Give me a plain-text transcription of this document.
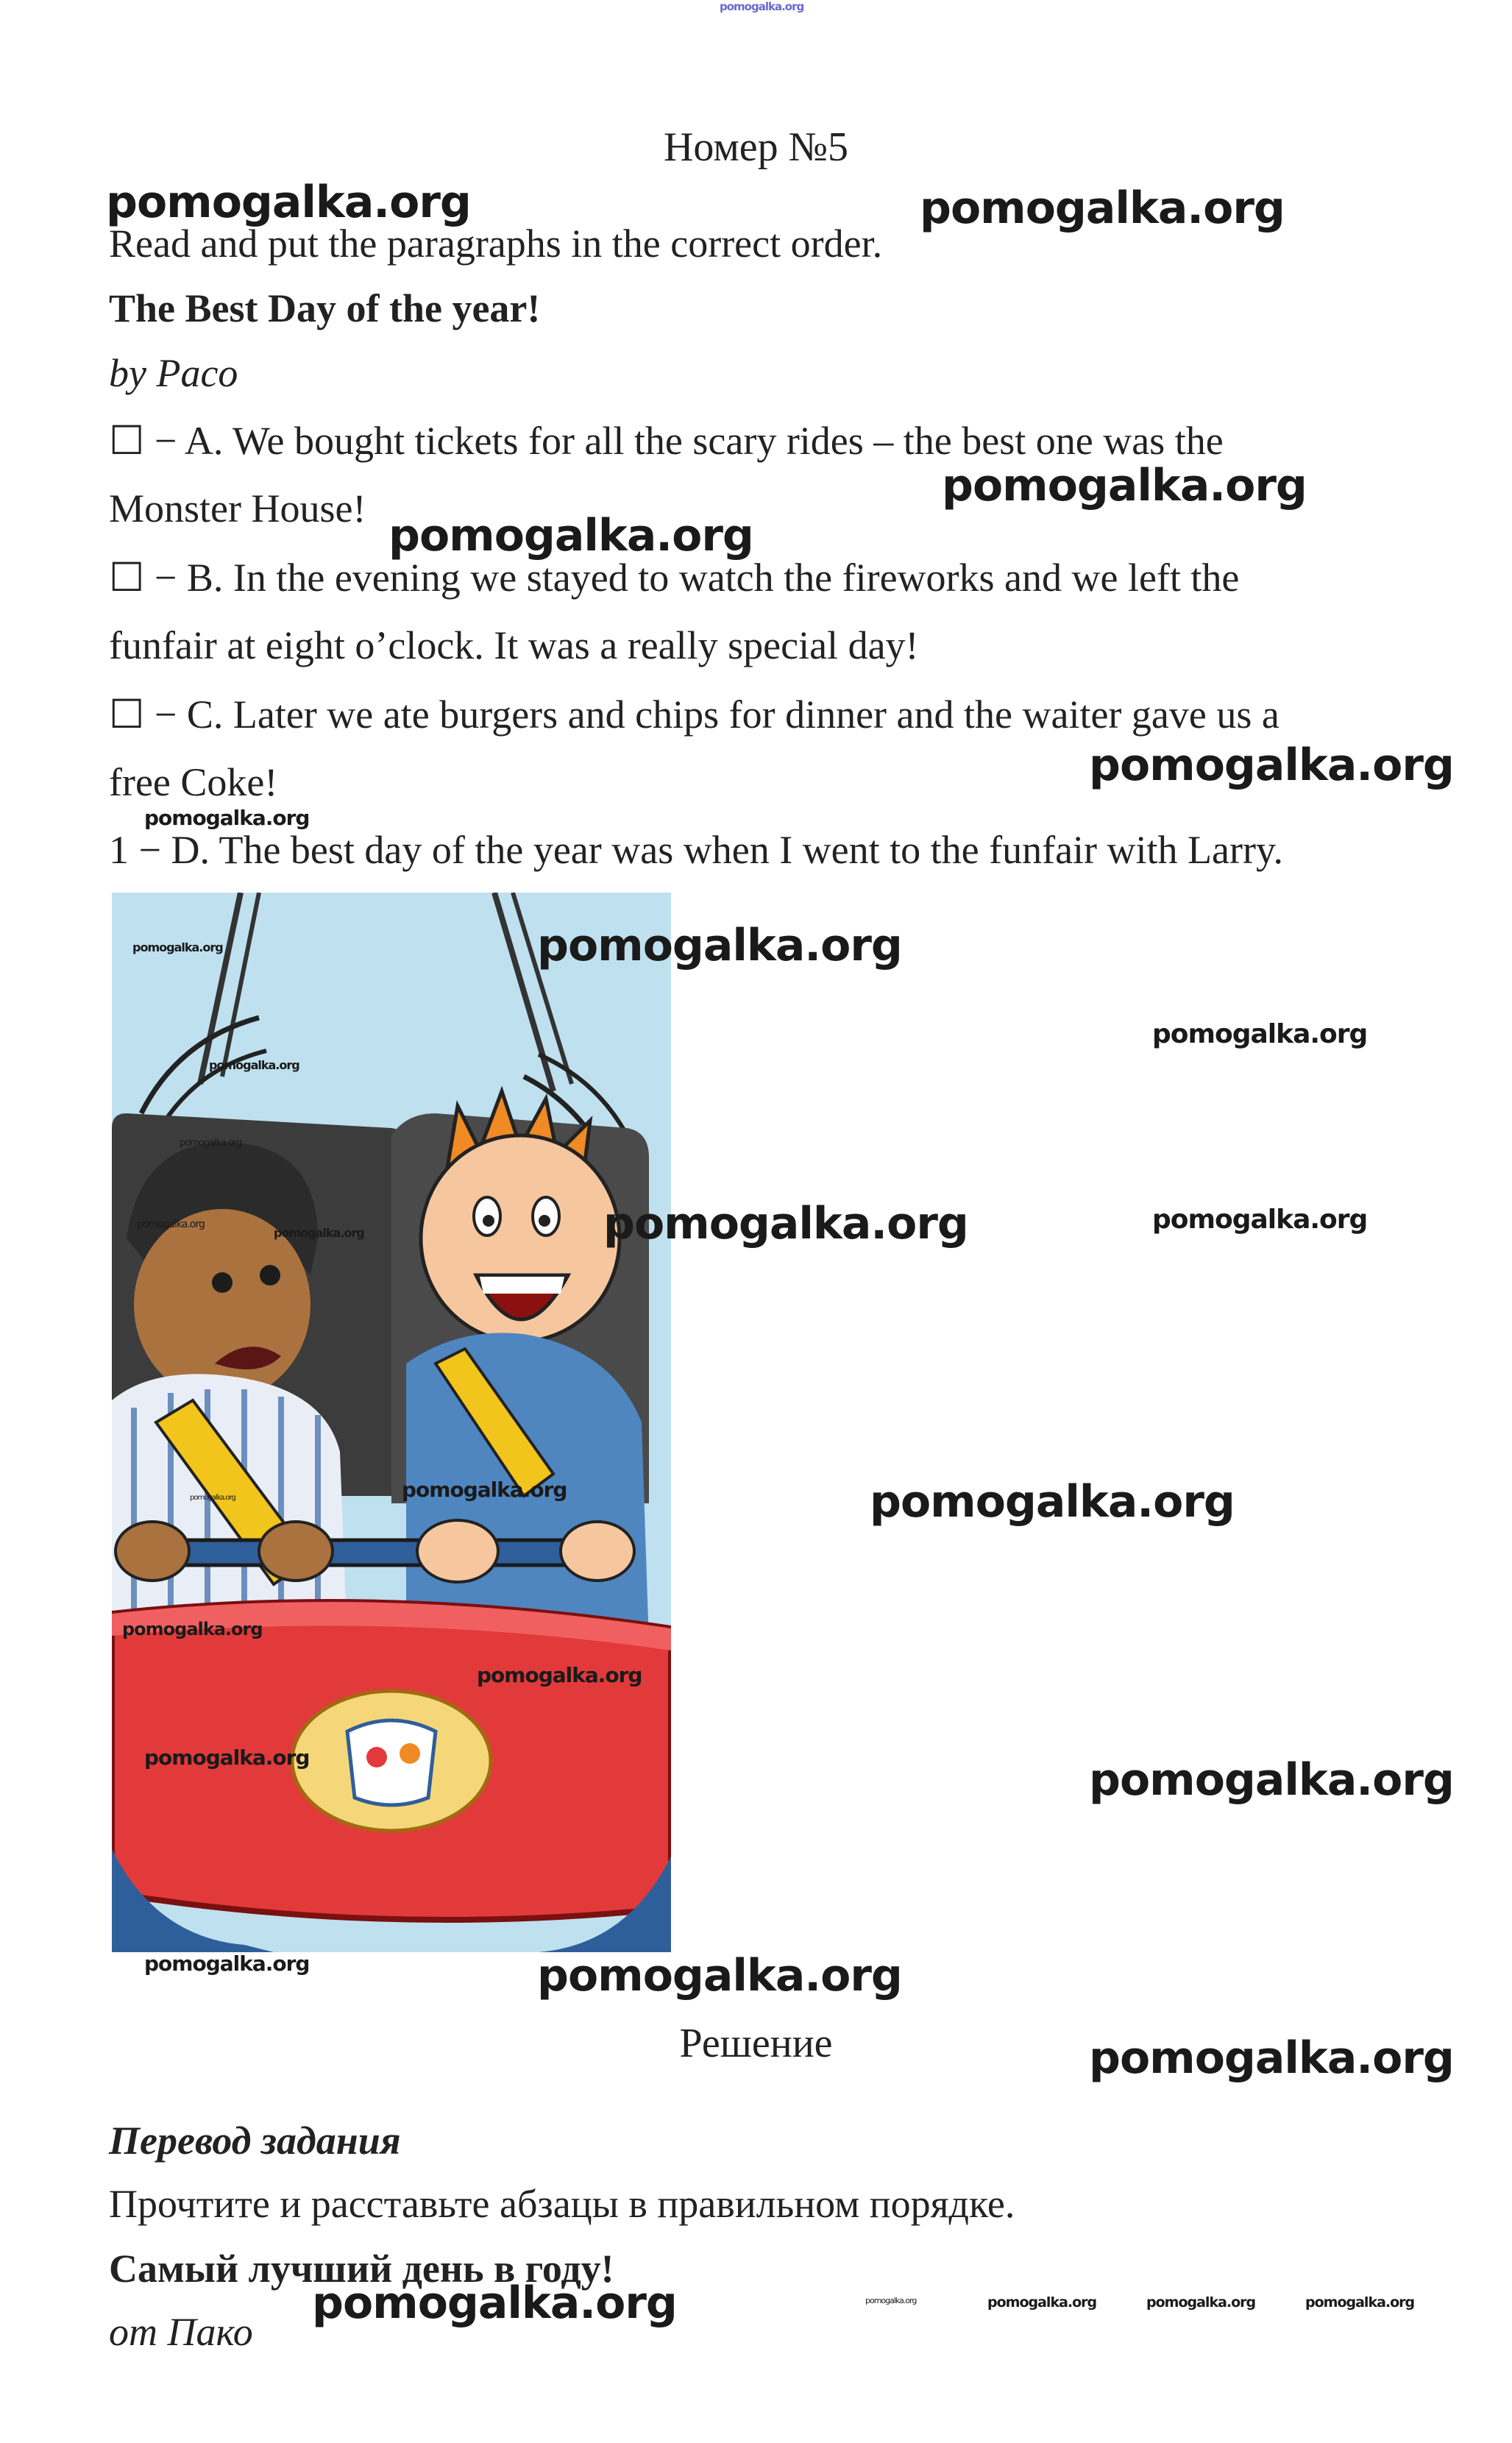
pomogalka.org
Номер №5
Read and put the paragraphs in the correct order.
The Best Day of the year!
by Paco
☐ − A. We bought tickets for all the scary rides – the best one was the
Monster House!
☐ − B. In the evening we stayed to watch the fireworks and we left the
funfair at eight o’clock. It was a really special day!
☐ − C. Later we ate burgers and chips for dinner and the waiter gave us a
free Coke!
1 − D. The best day of the year was when I went to the funfair with Larry.
Решение
Перевод задания
Прочтите и расставьте абзацы в правильном порядке.
Самый лучший день в году!
от Пако
pomogalka.org	pomogalka.org
pomogalka.org
pomogalka.org
pomogalka.org
pomogalka.org
pomogalka.org
pomogalka.org
pomogalka.org
pomogalka.org
pomogalka.org
pomogalka.org
pomogalka.org
pomogalka.org
pomogalka.org
pomogalka.org
pomogalka.org
pomogalka.org
pomogalka.org
pomogalka.org
pomogalka.org
pomogalka.org
pomogalka.org
pomogalka.org
pomogalka.org
pomogalka.org
pomogalka.org	pomogalka.org	pomogalka.org	pomogalka.org
